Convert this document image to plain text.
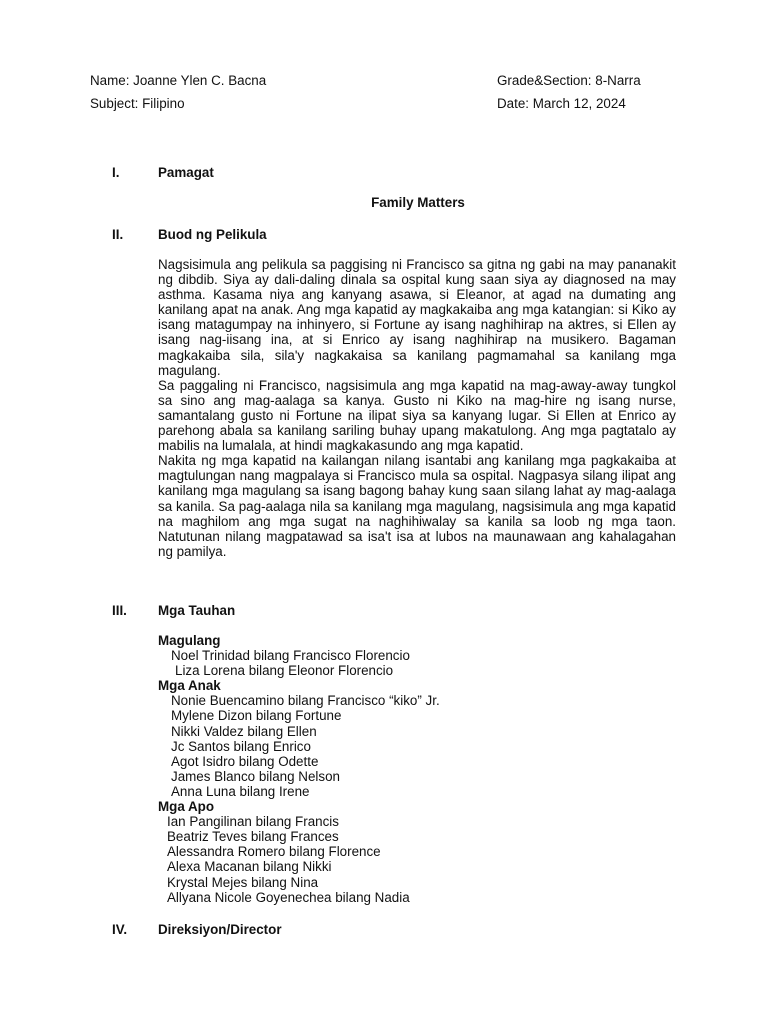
Name: Joanne Ylen C. Bacna	Grade&Section: 8-Narra
Subject: Filipino	Date: March 12, 2024
I.	Pamagat
Family Matters
II.	Buod ng Pelikula

Nagsisimula ang pelikula sa paggising ni Francisco sa gitna ng gabi na may pananakit ng dibdib. Siya ay dali-daling dinala sa ospital kung saan siya ay diagnosed na may asthma. Kasama niya ang kanyang asawa, si Eleanor, at agad na dumating ang kanilang apat na anak. Ang mga kapatid ay magkakaiba ang mga katangian: si Kiko ay isang matagumpay na inhinyero, si Fortune ay isang naghihirap na aktres, si Ellen ay isang nag-iisang ina, at si Enrico ay isang naghihirap na musikero. Bagaman magkakaiba sila, sila'y nagkakaisa sa kanilang pagmamahal sa kanilang mga magulang.

Sa paggaling ni Francisco, nagsisimula ang mga kapatid na mag-away-away tungkol sa sino ang mag-aalaga sa kanya. Gusto ni Kiko na mag-hire ng isang nurse, samantalang gusto ni Fortune na ilipat siya sa kanyang lugar. Si Ellen at Enrico ay parehong abala sa kanilang sariling buhay upang makatulong. Ang mga pagtatalo ay mabilis na lumalala, at hindi magkakasundo ang mga kapatid.

Nakita ng mga kapatid na kailangan nilang isantabi ang kanilang mga pagkakaiba at magtulungan nang magpalaya si Francisco mula sa ospital. Nagpasya silang ilipat ang kanilang mga magulang sa isang bagong bahay kung saan silang lahat ay mag-aalaga sa kanila. Sa pag-aalaga nila sa kanilang mga magulang, nagsisimula ang mga kapatid na maghilom ang mga sugat na naghihiwalay sa kanila sa loob ng mga taon. Natutunan nilang magpatawad sa isa't isa at lubos na maunawaan ang kahalagahan ng pamilya.

III. Mga Tauhan
Magulang
Noel Trinidad bilang Francisco Florencio
Liza Lorena bilang Eleonor Florencio
Mga Anak
Nonie Buencamino bilang Francisco “kiko” Jr.
Mylene Dizon bilang Fortune
Nikki Valdez bilang Ellen
Jc Santos bilang Enrico
Agot Isidro bilang Odette
James Blanco bilang Nelson
Anna Luna bilang Irene
Mga Apo
Ian Pangilinan bilang Francis
Beatriz Teves bilang Frances
Alessandra Romero bilang Florence
Alexa Macanan bilang Nikki
Krystal Mejes bilang Nina
Allyana Nicole Goyenechea bilang Nadia
IV. Direksiyon/Director
